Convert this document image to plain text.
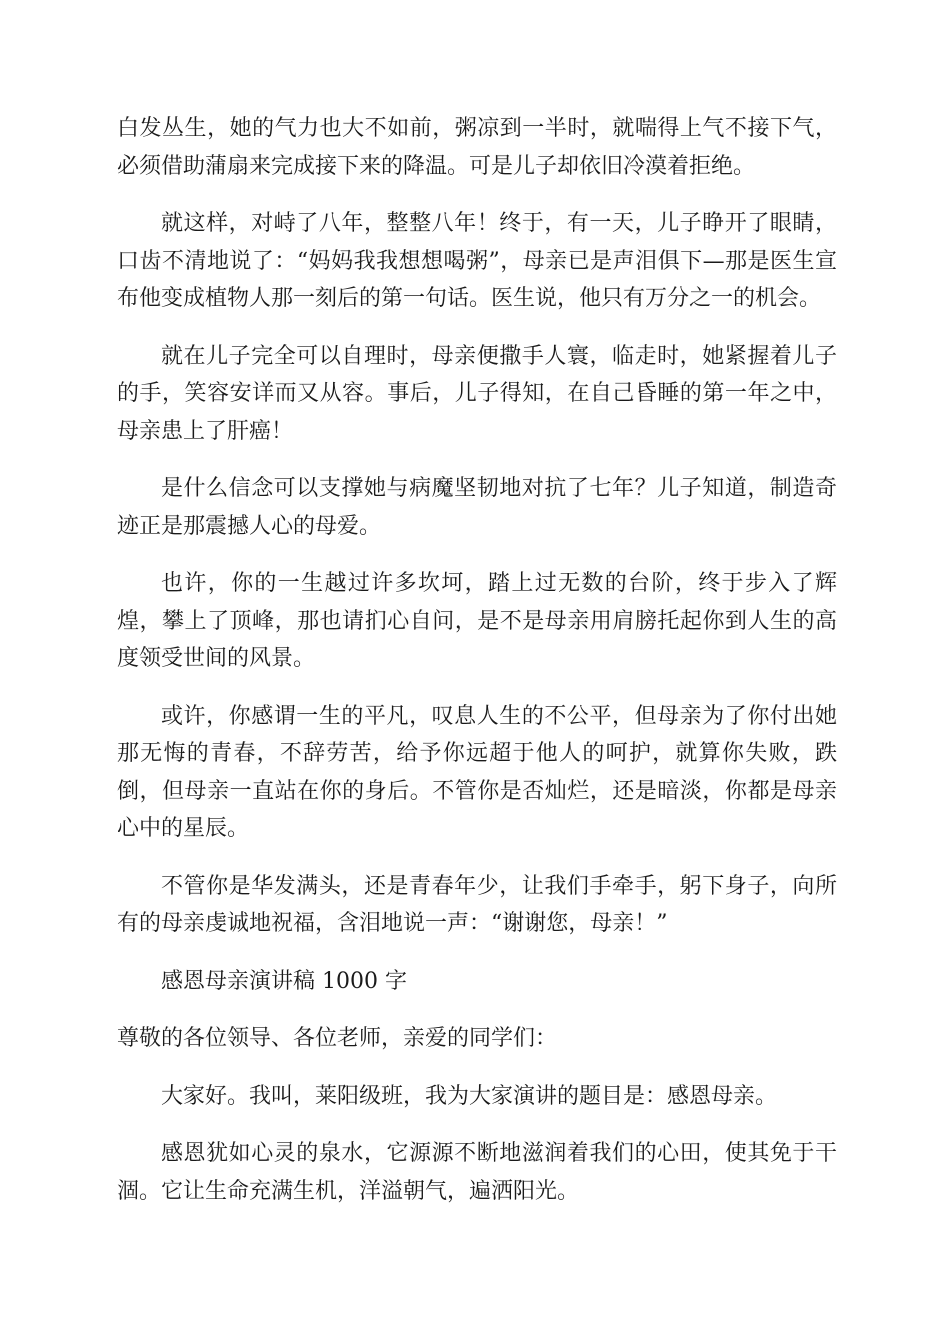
白发丛生，她的气力也大不如前，粥凉到一半时，就喘得上气不接下气，必须借助蒲扇来完成接下来的降温。可是儿子却依旧冷漠着拒绝。

就这样，对峙了八年，整整八年！终于，有一天，儿子睁开了眼睛，口齿不清地说了：“妈妈我我想想喝粥”，母亲已是声泪俱下—那是医生宣布他变成植物人那一刻后的第一句话。医生说，他只有万分之一的机会。

就在儿子完全可以自理时，母亲便撒手人寰，临走时，她紧握着儿子的手，笑容安详而又从容。事后，儿子得知，在自己昏睡的第一年之中，母亲患上了肝癌！

是什么信念可以支撑她与病魔坚韧地对抗了七年？儿子知道，制造奇迹正是那震撼人心的母爱。

也许，你的一生越过许多坎坷，踏上过无数的台阶，终于步入了辉煌，攀上了顶峰，那也请扪心自问，是不是母亲用肩膀托起你到人生的高度领受世间的风景。

或许，你感谓一生的平凡，叹息人生的不公平，但母亲为了你付出她那无悔的青春，不辞劳苦，给予你远超于他人的呵护，就算你失败，跌倒，但母亲一直站在你的身后。不管你是否灿烂，还是暗淡，你都是母亲心中的星辰。

不管你是华发满头，还是青春年少，让我们手牵手，躬下身子，向所有的母亲虔诚地祝福，含泪地说一声：“谢谢您，母亲！”

感恩母亲演讲稿 1000 字

尊敬的各位领导、各位老师，亲爱的同学们：

大家好。我叫，莱阳级班，我为大家演讲的题目是：感恩母亲。

感恩犹如心灵的泉水，它源源不断地滋润着我们的心田，使其免于干涸。它让生命充满生机，洋溢朝气，遍洒阳光。
